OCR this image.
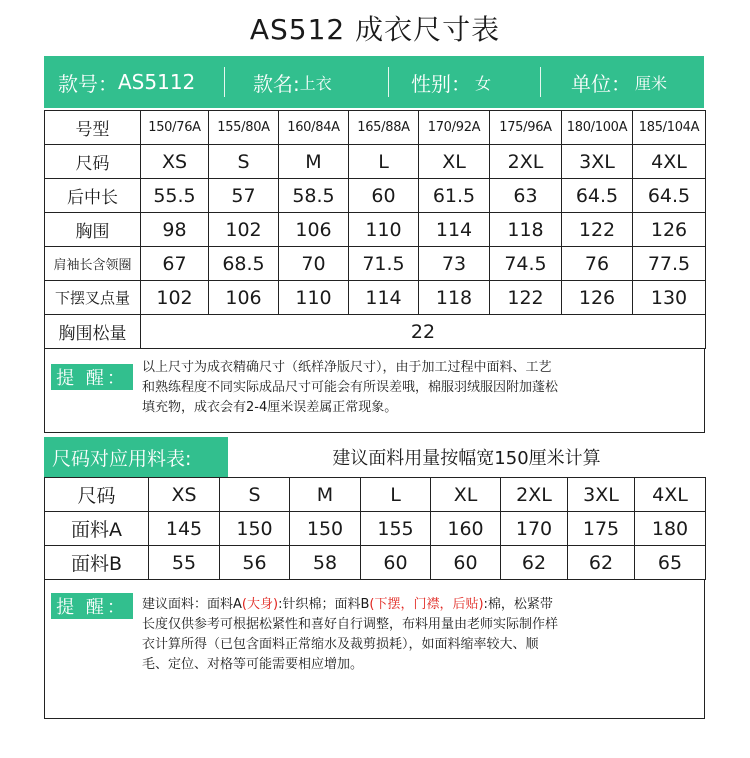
AS512 成衣尺寸表
款号： AS5112	款名: 上衣	性别： 女	单位： 厘米
号型	150/76A	155/80A	160/84A	165/88A	170/92A	175/96A	180/100A	185/104A
尺码	XS	S	M	L	XL	2XL	3XL	4XL
后中长	55.5	57	58.5	60	61.5	63	64.5	64.5
胸围	98	102	106	110	114	118	122	126
肩袖长含领圈	67	68.5	70	71.5	73	74.5	76	77.5
下摆叉点量	102	106	110	114	118	122	126	130
胸围松量	22							
提 醒：
以上尺寸为成衣精确尺寸（纸样净版尺寸），由于加工过程中面料、工艺
和熟练程度不同实际成品尺寸可能会有所误差哦，棉服羽绒服因附加蓬松
填充物，成衣会有2-4厘米误差属正常现象。
尺码对应用料表:	建议面料用量按幅宽150厘米计算
尺码	XS	S	M	L	XL	2XL	3XL	4XL
面料A	145	150	150	155	160	170	175	180
面料B	55	56	58	60	60	62	62	65
提 醒：	建议面料：面料A(大身):针织棉；面料B(下摆，门襟，后贴):棉，松紧带
长度仅供参考可根据松紧性和喜好自行调整，布料用量由老师实际制作样
衣计算所得（已包含面料正常缩水及裁剪损耗），如面料缩率较大、顺
毛、定位、对格等可能需要相应增加。
